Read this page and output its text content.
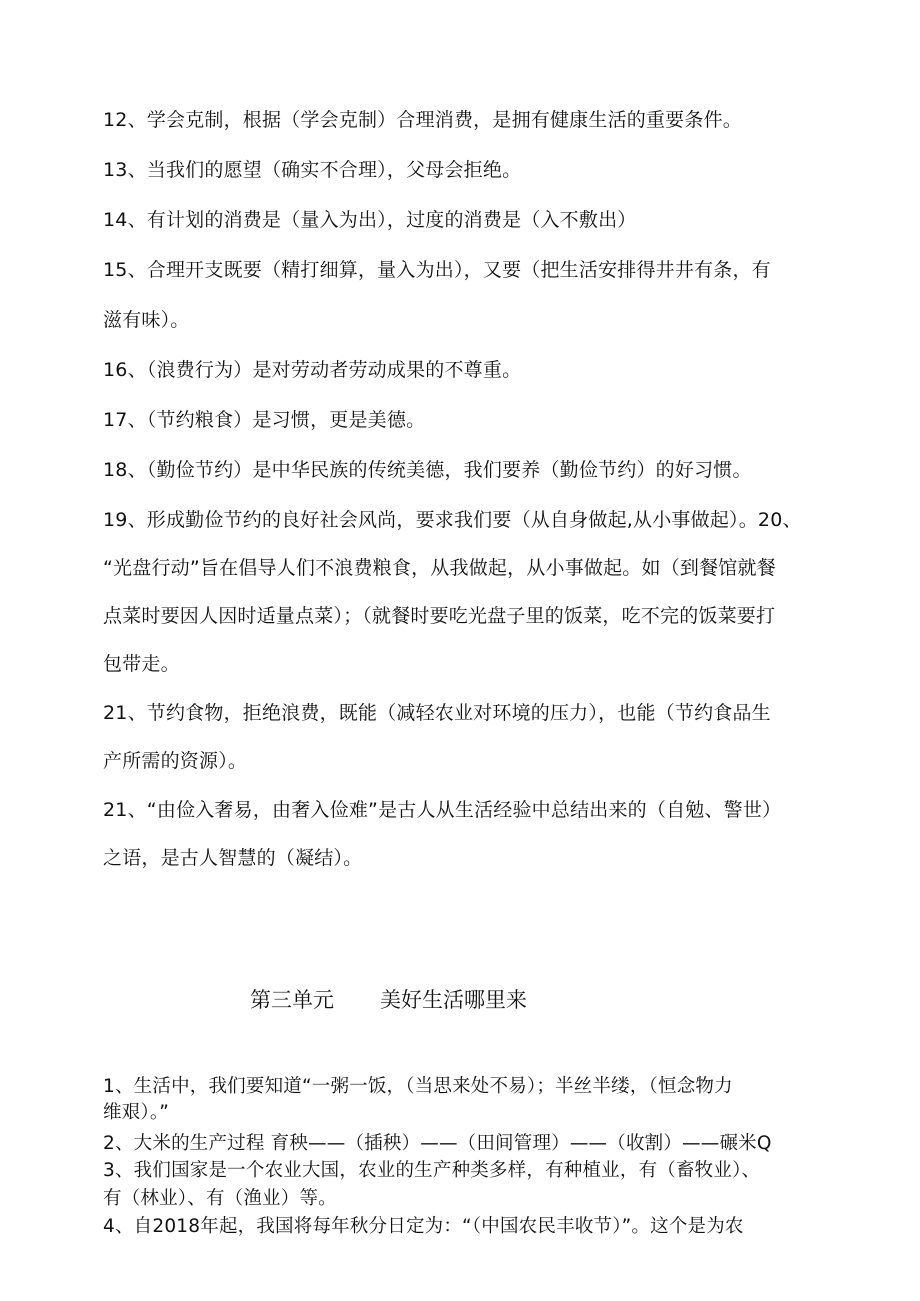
12、学会克制，根据（学会克制）合理消费，是拥有健康生活的重要条件。
13、当我们的愿望（确实不合理），父母会拒绝。
14、有计划的消费是（量入为出），过度的消费是（入不敷出）
15、合理开支既要（精打细算，量入为出），又要（把生活安排得井井有条，有
滋有味）。
16、（浪费行为）是对劳动者劳动成果的不尊重。
17、（节约粮食）是习惯，更是美德。
18、（勤俭节约）是中华民族的传统美德，我们要养（勤俭节约）的好习惯。
19、形成勤俭节约的良好社会风尚，要求我们要（从自身做起,从小事做起）。20、
“光盘行动”旨在倡导人们不浪费粮食，从我做起，从小事做起。如（到餐馆就餐
点菜时要因人因时适量点菜）；（就餐时要吃光盘子里的饭菜，吃不完的饭菜要打
包带走。
21、节约食物，拒绝浪费，既能（减轻农业对环境的压力），也能（节约食品生
产所需的资源）。
21、“由俭入奢易，由奢入俭难”是古人从生活经验中总结出来的（自勉、警世）
之语，是古人智慧的（凝结）。
第三单元 美好生活哪里来
1、生活中，我们要知道“一粥一饭，（当思来处不易）；半丝半缕，（恒念物力
维艰）。”
2、大米的生产过程 育秧——（插秧）——（田间管理）——（收割）——碾米Q
3、我们国家是一个农业大国，农业的生产种类多样，有种植业，有（畜牧业）、
有（林业）、有（渔业）等。
4、自2018年起，我国将每年秋分日定为：“（中国农民丰收节）”。这个是为农
